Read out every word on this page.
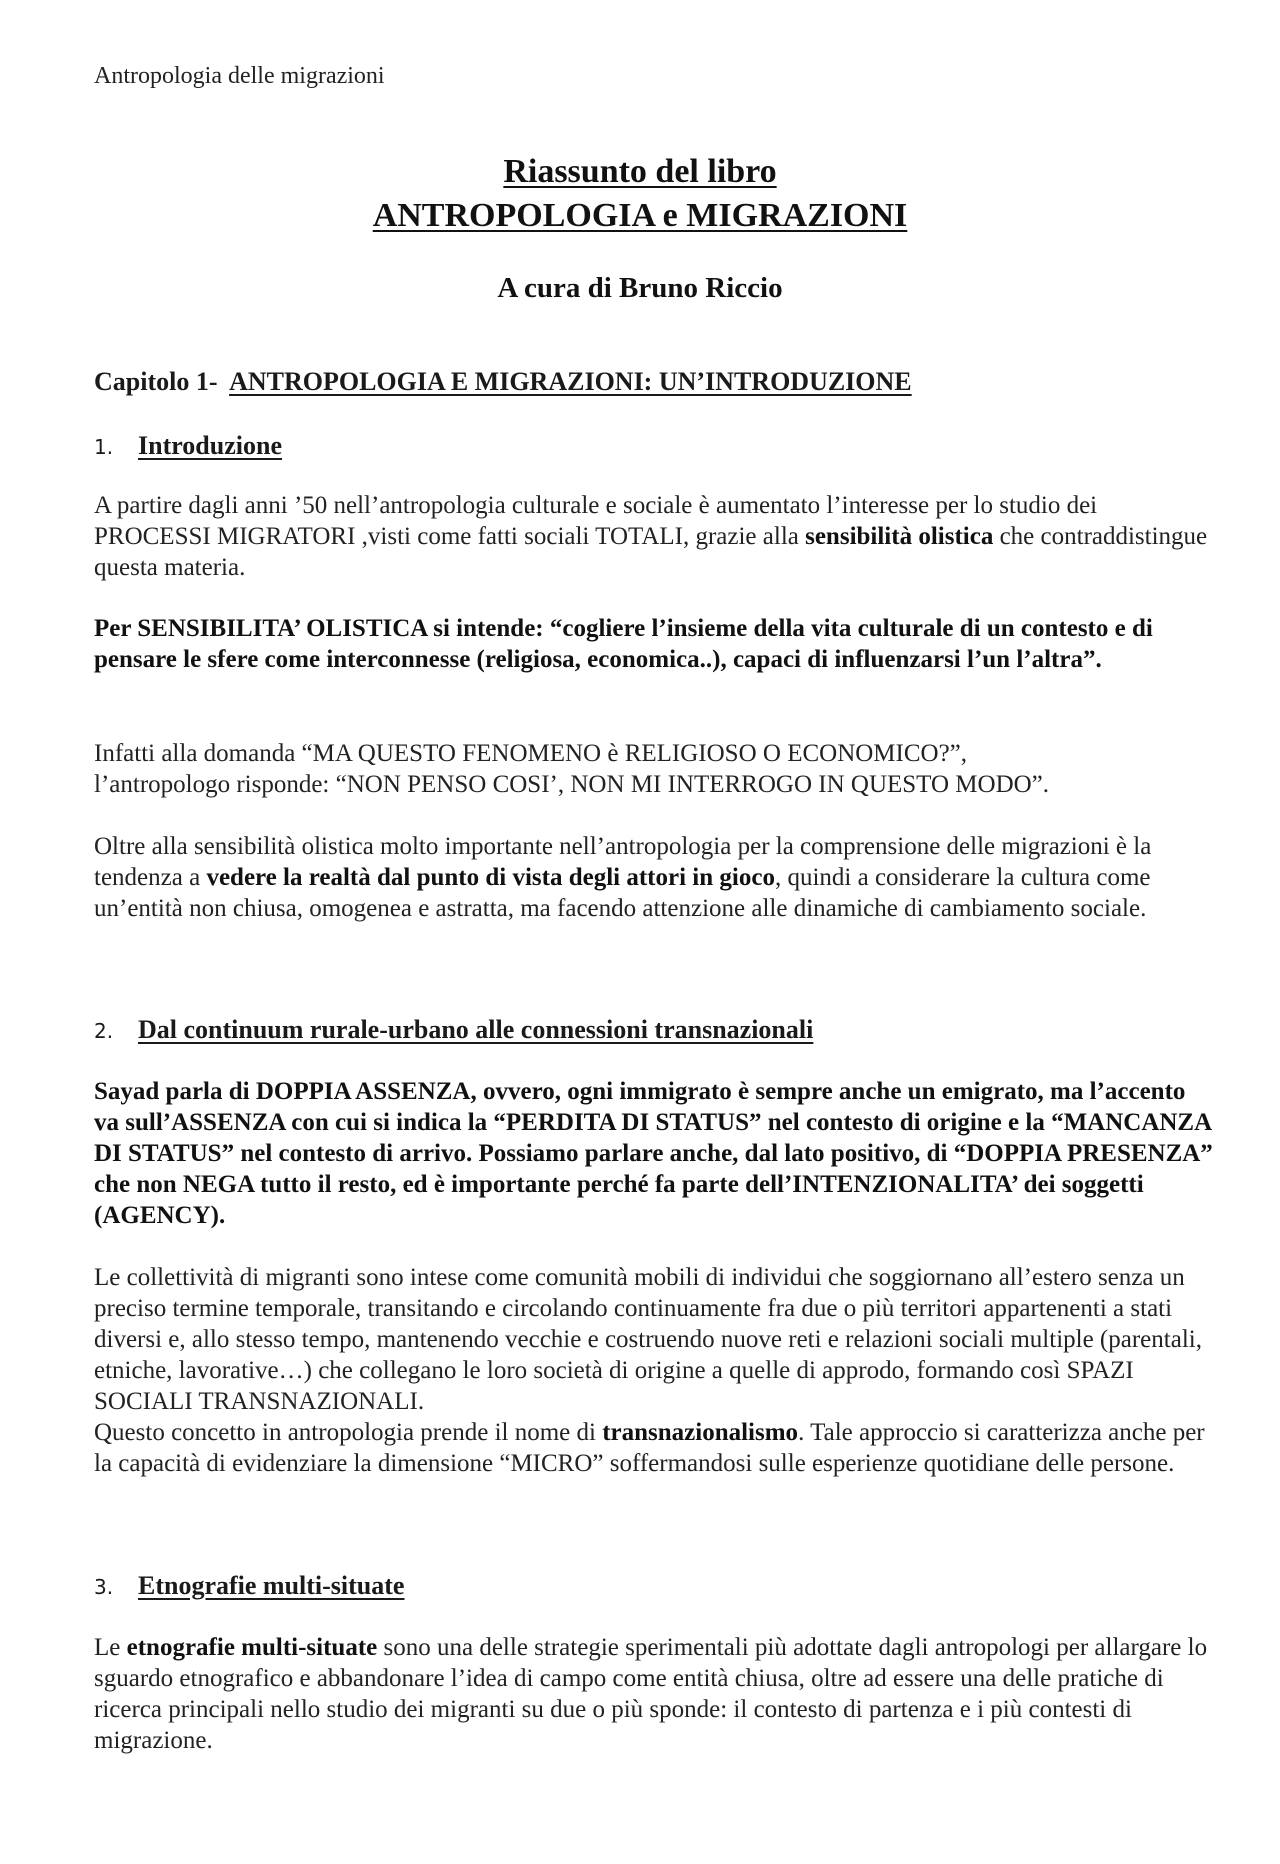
Antropologia delle migrazioni
Riassunto del libro
ANTROPOLOGIA e MIGRAZIONI
A cura di Bruno Riccio
Capitolo 1- ANTROPOLOGIA E MIGRAZIONI: UN’INTRODUZIONE
1. Introduzione
A partire dagli anni ’50 nell’antropologia culturale e sociale è aumentato l’interesse per lo studio dei PROCESSI MIGRATORI ,visti come fatti sociali TOTALI, grazie alla sensibilità olistica che contraddistingue questa materia.
Per SENSIBILITA’ OLISTICA si intende: “cogliere l’insieme della vita culturale di un contesto e di pensare le sfere come interconnesse (religiosa, economica..), capaci di influenzarsi l’un l’altra”.
Infatti alla domanda “MA QUESTO FENOMENO è RELIGIOSO O ECONOMICO?”,
l’antropologo risponde: “NON PENSO COSI’, NON MI INTERROGO IN QUESTO MODO”.
Oltre alla sensibilità olistica molto importante nell’antropologia per la comprensione delle migrazioni è la tendenza a vedere la realtà dal punto di vista degli attori in gioco, quindi a considerare la cultura come un’entità non chiusa, omogenea e astratta, ma facendo attenzione alle dinamiche di cambiamento sociale.
2. Dal continuum rurale-urbano alle connessioni transnazionali
Sayad parla di DOPPIA ASSENZA, ovvero, ogni immigrato è sempre anche un emigrato, ma l’accento va sull’ASSENZA con cui si indica la “PERDITA DI STATUS” nel contesto di origine e la “MANCANZA DI STATUS” nel contesto di arrivo. Possiamo parlare anche, dal lato positivo, di “DOPPIA PRESENZA” che non NEGA tutto il resto, ed è importante perché fa parte dell’INTENZIONALITA’ dei soggetti (AGENCY).
Le collettività di migranti sono intese come comunità mobili di individui che soggiornano all’estero senza un preciso termine temporale, transitando e circolando continuamente fra due o più territori appartenenti a stati diversi e, allo stesso tempo, mantenendo vecchie e costruendo nuove reti e relazioni sociali multiple (parentali, etniche, lavorative…) che collegano le loro società di origine a quelle di approdo, formando così SPAZI SOCIALI TRANSNAZIONALI.
Questo concetto in antropologia prende il nome di transnazionalismo. Tale approccio si caratterizza anche per la capacità di evidenziare la dimensione “MICRO” soffermandosi sulle esperienze quotidiane delle persone.
3. Etnografie multi-situate
Le etnografie multi-situate sono una delle strategie sperimentali più adottate dagli antropologi per allargare lo sguardo etnografico e abbandonare l’idea di campo come entità chiusa, oltre ad essere una delle pratiche di ricerca principali nello studio dei migranti su due o più sponde: il contesto di partenza e i più contesti di migrazione.
